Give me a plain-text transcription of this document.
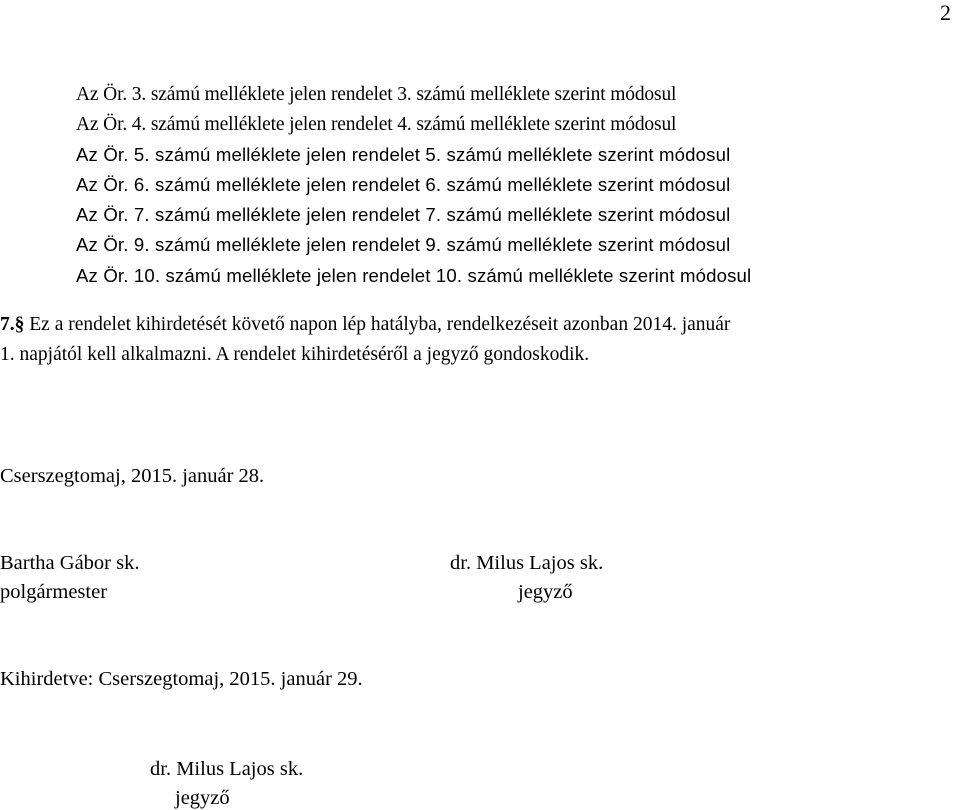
2
Az Ör. 3. számú melléklete jelen rendelet 3. számú melléklete szerint módosul
Az Ör. 4. számú melléklete jelen rendelet 4. számú melléklete szerint módosul
Az Ör. 5. számú melléklete jelen rendelet 5. számú melléklete szerint módosul
Az Ör. 6. számú melléklete jelen rendelet 6. számú melléklete szerint módosul
Az Ör. 7. számú melléklete jelen rendelet 7. számú melléklete szerint módosul
Az Ör. 9. számú melléklete jelen rendelet 9. számú melléklete szerint módosul
Az Ör. 10. számú melléklete jelen rendelet 10. számú melléklete szerint módosul
7.§ Ez a rendelet kihirdetését követő napon lép hatályba, rendelkezéseit azonban 2014. január
1. napjától kell alkalmazni. A rendelet kihirdetéséről a jegyző gondoskodik.
Cserszegtomaj, 2015. január 28.
Bartha Gábor sk.
polgármester
dr. Milus Lajos sk.
jegyző
Kihirdetve: Cserszegtomaj, 2015. január 29.
dr. Milus Lajos sk.
jegyző
